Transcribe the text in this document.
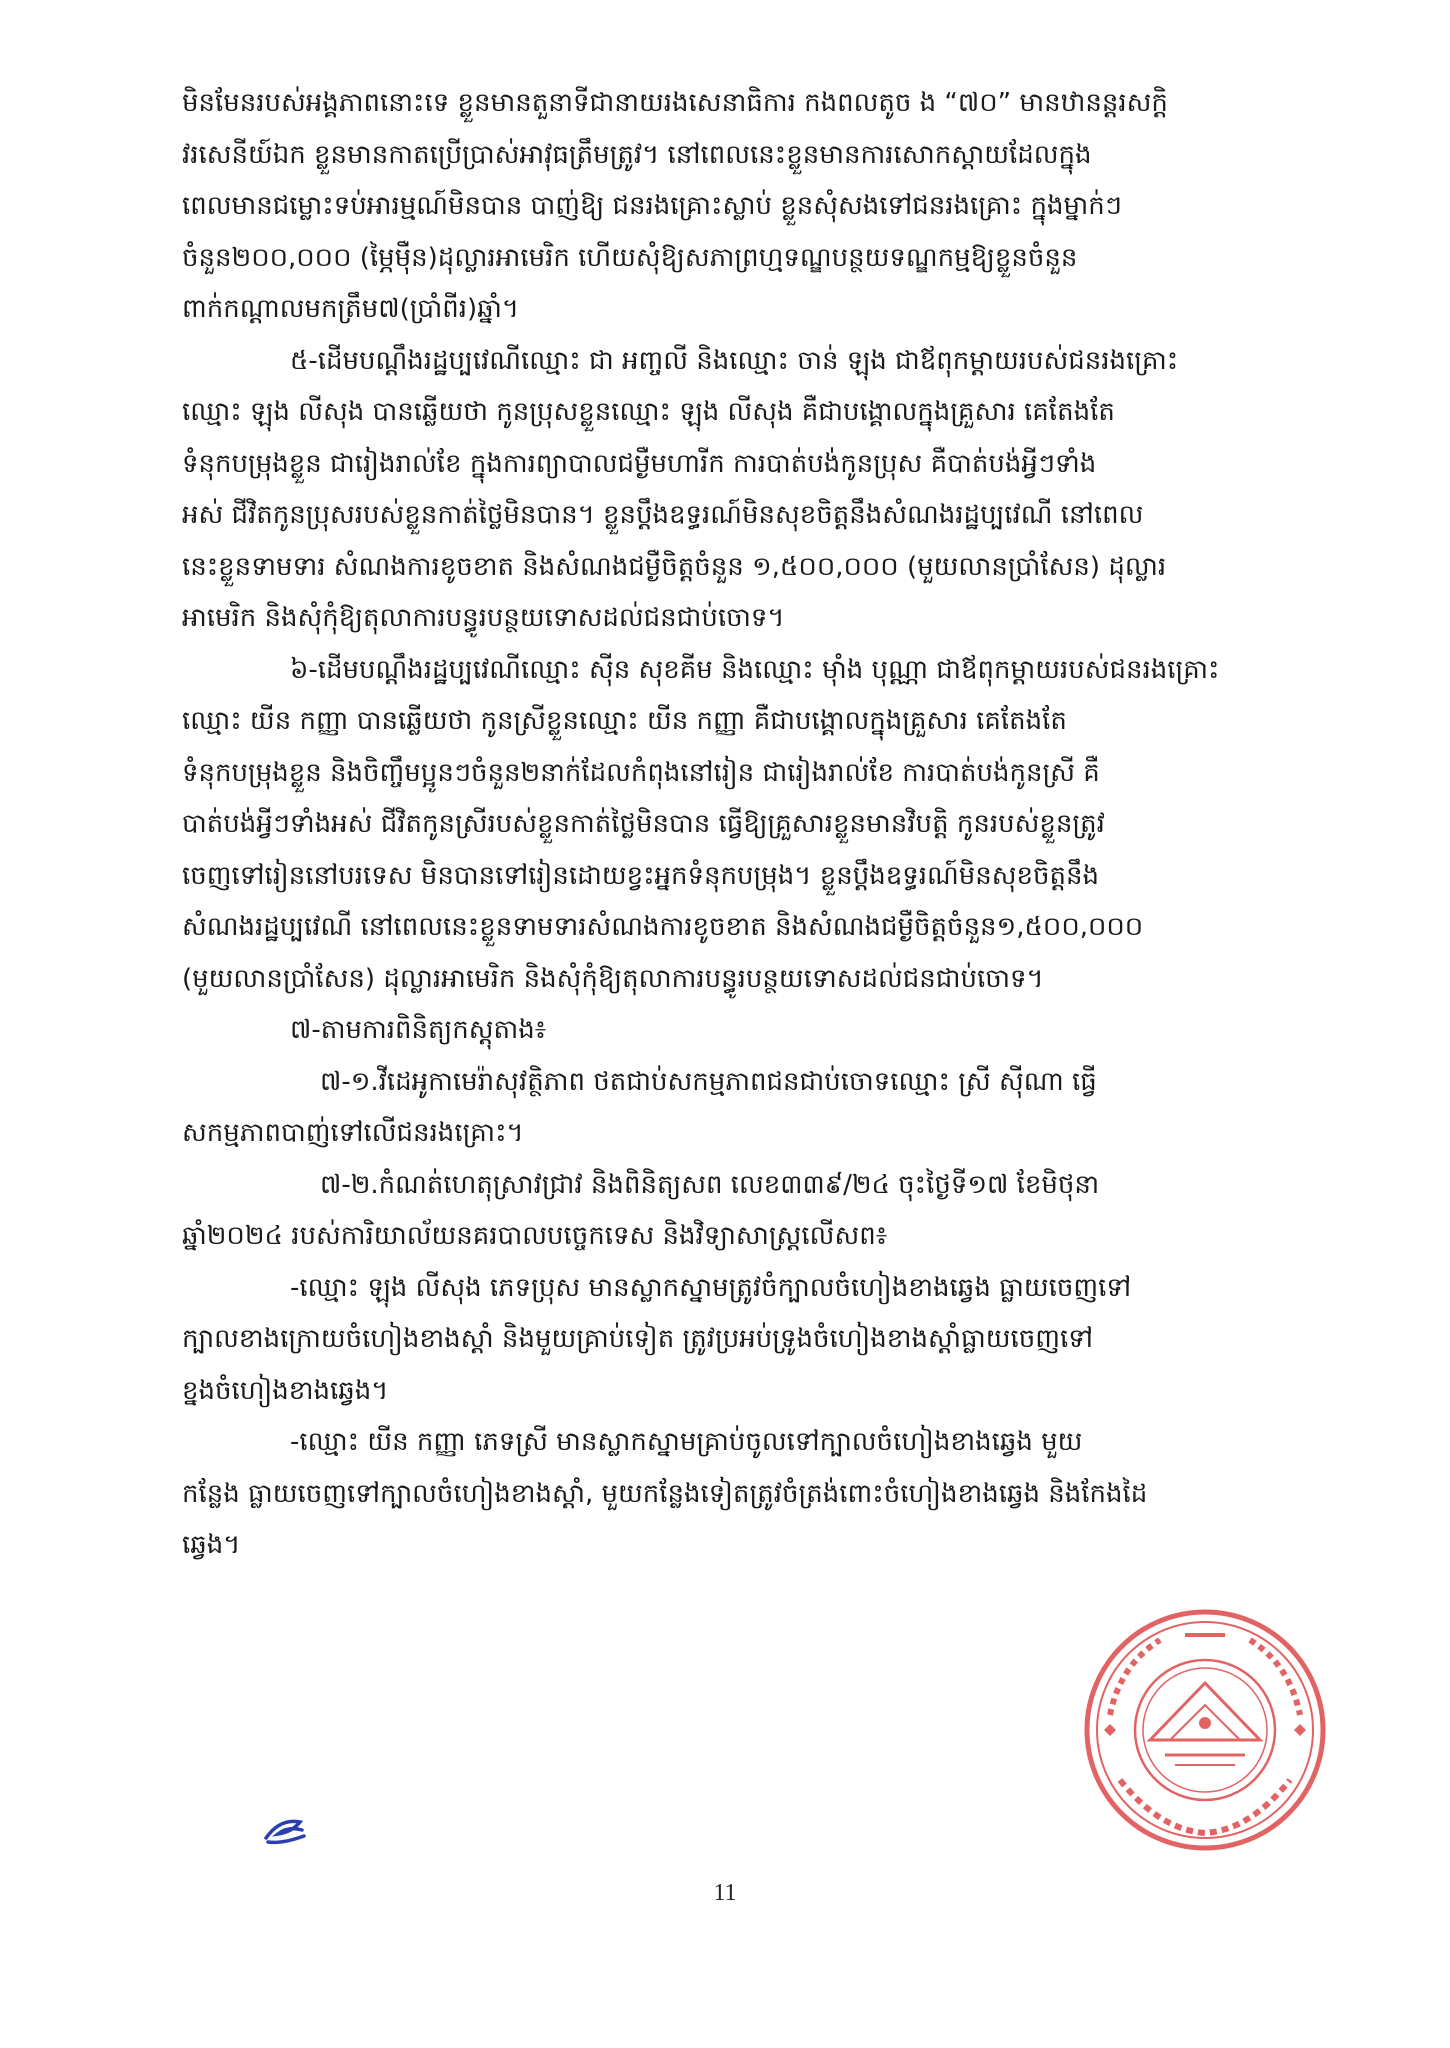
មិនមែនរបស់អង្គភាពនោះទេ ខ្លួនមានតួនាទីជានាយរងសេនាធិការ កងពលតូច ង “៧០” មានឋានន្តរសក្តិ
វរសេនីយ៍ឯក ខ្លួនមានកាតប្រើប្រាស់អាវុធត្រឹមត្រូវ។ នៅពេលនេះខ្លួនមានការសោកស្តាយដែលក្នុង
ពេលមានជម្លោះទប់អារម្មណ៍មិនបាន បាញ់ឱ្យ ជនរងគ្រោះស្លាប់ ខ្លួនសុំសងទៅជនរងគ្រោះ ក្នុងម្នាក់ៗ
ចំនួន២០០,០០០ (ម្ភៃម៉ឺន)ដុល្លារអាមេរិក ហើយសុំឱ្យសភាព្រហ្មទណ្ឌបន្ថយទណ្ឌកម្មឱ្យខ្លួនចំនួន
ពាក់កណ្តាលមកត្រឹម៧(ប្រាំពីរ)ឆ្នាំ។
៥-ដើមបណ្តឹងរដ្ឋប្បវេណីឈ្មោះ ជា អញ្ចលី និងឈ្មោះ ចាន់ ឡុង ជាឪពុកម្តាយរបស់ជនរងគ្រោះ
ឈ្មោះ ឡុង លីសុង បានឆ្លើយថា កូនប្រុសខ្លួនឈ្មោះ ឡុង លីសុង គឺជាបង្គោលក្នុងគ្រួសារ គេតែងតែ
ទំនុកបម្រុងខ្លួន ជារៀងរាល់ខែ ក្នុងការព្យាបាលជម្ងឺមហារីក ការបាត់បង់កូនប្រុស គឺបាត់បង់អ្វីៗទាំង
អស់ ជីវិតកូនប្រុសរបស់ខ្លួនកាត់ថ្លៃមិនបាន។ ខ្លួនប្តឹងឧទ្ធរណ៍មិនសុខចិត្តនឹងសំណងរដ្ឋប្បវេណី នៅពេល
នេះខ្លួនទាមទារ សំណងការខូចខាត និងសំណងជម្ងឺចិត្តចំនួន ១,៥០០,០០០ (មួយលានប្រាំសែន) ដុល្លារ
អាមេរិក និងសុំកុំឱ្យតុលាការបន្ធូរបន្ថយទោសដល់ជនជាប់ចោទ។
៦-ដើមបណ្តឹងរដ្ឋប្បវេណីឈ្មោះ ស៊ីន សុខគីម និងឈ្មោះ ម៉ាំង បុណ្ណា ជាឪពុកម្តាយរបស់ជនរងគ្រោះ
ឈ្មោះ យីន កញ្ញា បានឆ្លើយថា កូនស្រីខ្លួនឈ្មោះ យីន កញ្ញា គឺជាបង្គោលក្នុងគ្រួសារ គេតែងតែ
ទំនុកបម្រុងខ្លួន និងចិញ្ចឹមប្អូនៗចំនួន២នាក់ដែលកំពុងនៅរៀន ជារៀងរាល់ខែ ការបាត់បង់កូនស្រី គឺ
បាត់បង់អ្វីៗទាំងអស់ ជីវិតកូនស្រីរបស់ខ្លួនកាត់ថ្លៃមិនបាន ធ្វើឱ្យគ្រួសារខ្លួនមានវិបត្តិ កូនរបស់ខ្លួនត្រូវ
ចេញទៅរៀននៅបរទេស មិនបានទៅរៀនដោយខ្វះអ្នកទំនុកបម្រុង។ ខ្លួនប្តឹងឧទ្ធរណ៍មិនសុខចិត្តនឹង
សំណងរដ្ឋប្បវេណី នៅពេលនេះខ្លួនទាមទារសំណងការខូចខាត និងសំណងជម្ងឺចិត្តចំនួន១,៥០០,០០០
(មួយលានប្រាំសែន) ដុល្លារអាមេរិក និងសុំកុំឱ្យតុលាការបន្ធូរបន្ថយទោសដល់ជនជាប់ចោទ។
៧-តាមការពិនិត្យកស្តុតាង៖
៧-១.វីដេអូកាមេរ៉ាសុវត្ថិភាព ថតជាប់សកម្មភាពជនជាប់ចោទឈ្មោះ ស្រី ស៊ីណា ធ្វើ
សកម្មភាពបាញ់ទៅលើជនរងគ្រោះ។
៧-២.កំណត់ហេតុស្រាវជ្រាវ និងពិនិត្យសព លេខ៣៣៩/២៤ ចុះថ្ងៃទី១៧ ខែមិថុនា
ឆ្នាំ២០២៤ របស់ការិយាល័យនគរបាលបច្ចេកទេស និងវិទ្យាសាស្ត្រលើសព៖
-ឈ្មោះ ឡុង លីសុង ភេទប្រុស មានស្លាកស្នាមត្រូវចំក្បាលចំហៀងខាងឆ្វេង ធ្លាយចេញទៅ
ក្បាលខាងក្រោយចំហៀងខាងស្តាំ និងមួយគ្រាប់ទៀត ត្រូវប្រអប់ទ្រូងចំហៀងខាងស្តាំធ្លាយចេញទៅ
ខ្នងចំហៀងខាងឆ្វេង។
-ឈ្មោះ យីន កញ្ញា ភេទស្រី មានស្លាកស្នាមគ្រាប់ចូលទៅក្បាលចំហៀងខាងឆ្វេង មួយ
កន្លែង ធ្លាយចេញទៅក្បាលចំហៀងខាងស្តាំ, មួយកន្លែងទៀតត្រូវចំត្រង់ពោះចំហៀងខាងឆ្វេង និងកែងដៃ
ឆ្វេង។
11
